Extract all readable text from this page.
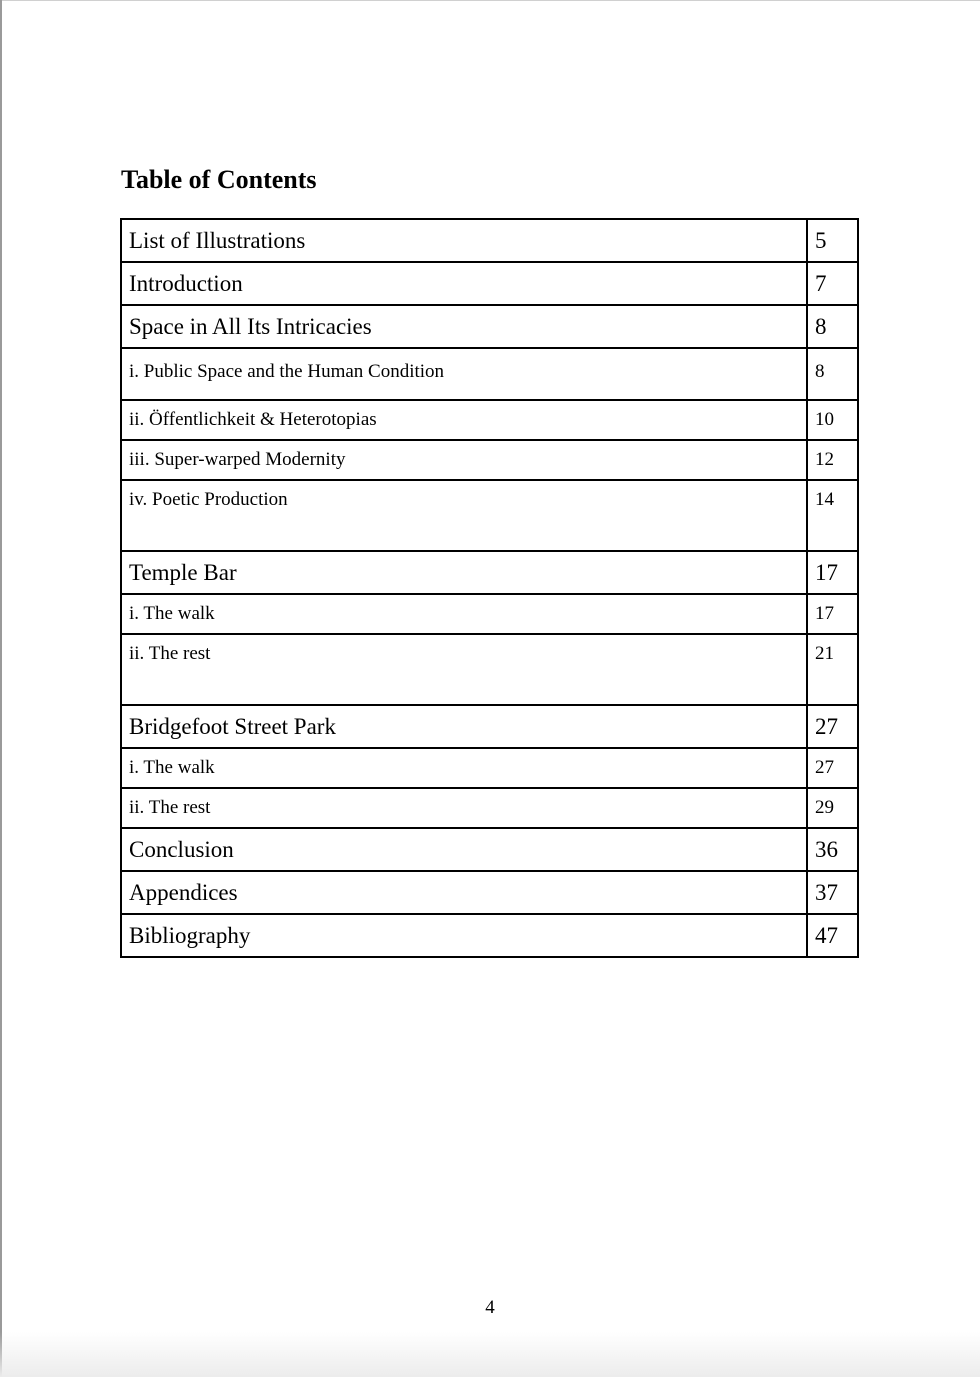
Table of Contents
List of Illustrations	5
Introduction	7
Space in All Its Intricacies	8
i. Public Space and the Human Condition	8
ii. Öffentlichkeit & Heterotopias	10
iii. Super-warped Modernity	12
iv. Poetic Production	14
Temple Bar	17
i. The walk	17
ii. The rest	21
Bridgefoot Street Park	27
i. The walk	27
ii. The rest	29
Conclusion	36
Appendices	37
Bibliography	47
4
